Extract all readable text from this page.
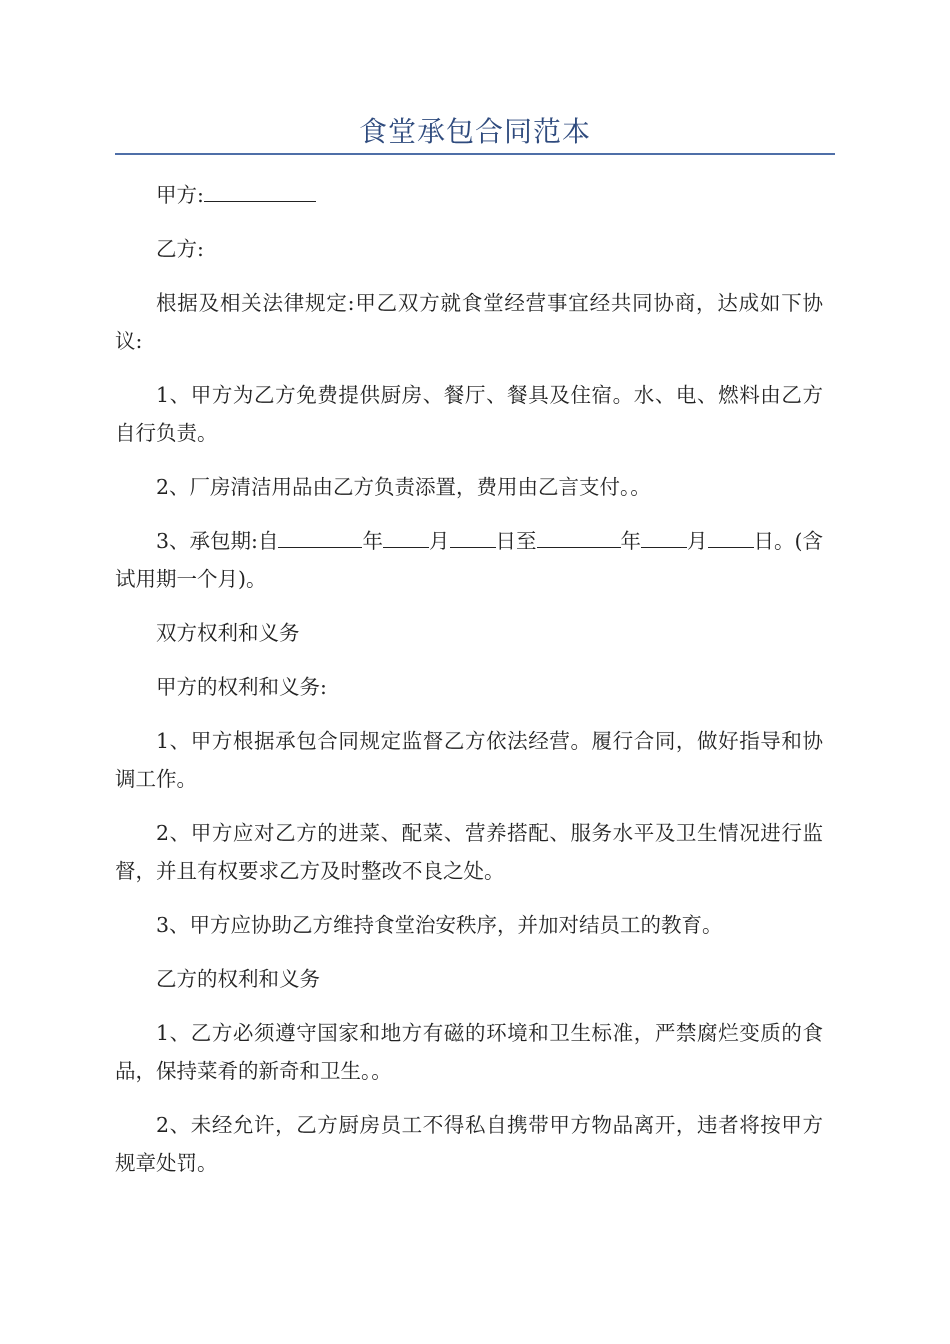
食堂承包合同范本

甲方:

乙方:

根据及相关法律规定:甲乙双方就食堂经营事宜经共同协商，达成如下协议:

1、甲方为乙方免费提供厨房、餐厅、餐具及住宿。水、电、燃料由乙方自行负责。

2、厂房清洁用品由乙方负责添置，费用由乙言支付。。

3、承包期:自	年 月 日至	年 月 日。(含试用期一个月)。

双方权利和义务

甲方的权利和义务:

1、甲方根据承包合同规定监督乙方依法经营。履行合同，做好指导和协调工作。

2、甲方应对乙方的进菜、配菜、营养搭配、服务水平及卫生情况进行监督，并且有权要求乙方及时整改不良之处。

3、甲方应协助乙方维持食堂治安秩序，并加对结员工的教育。

乙方的权利和义务

1、乙方必须遵守国家和地方有磁的环境和卫生标准，严禁腐烂变质的食品，保持菜肴的新奇和卫生。。

2、未经允许，乙方厨房员工不得私自携带甲方物品离开，违者将按甲方规章处罚。
